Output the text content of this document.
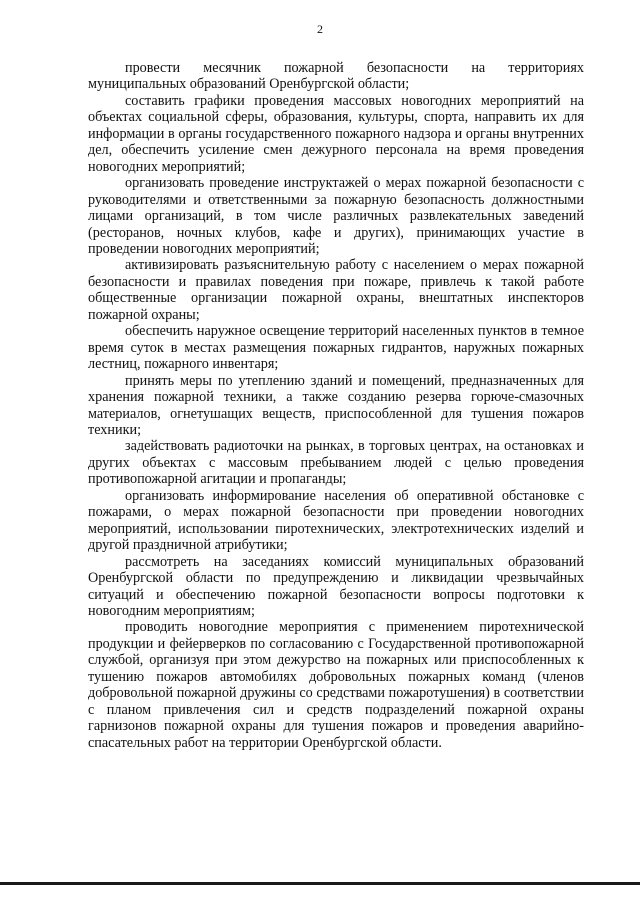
2

провести месячник пожарной безопасности на территориях муниципальных образований Оренбургской области;

составить графики проведения массовых новогодних мероприятий на объектах социальной сферы, образования, культуры, спорта, направить их для информации в органы государственного пожарного надзора и органы внутренних дел, обеспечить усиление смен дежурного персонала на время проведения новогодних мероприятий;

организовать проведение инструктажей о мерах пожарной безопасности с руководителями и ответственными за пожарную безопасность должностными лицами организаций, в том числе различных развлекательных заведений (ресторанов, ночных клубов, кафе и других), принимающих участие в проведении новогодних мероприятий;

активизировать разъяснительную работу с населением о мерах пожарной безопасности и правилах поведения при пожаре, привлечь к такой работе общественные организации пожарной охраны, внештатных инспекторов пожарной охраны;

обеспечить наружное освещение территорий населенных пунктов в темное время суток в местах размещения пожарных гидрантов, наружных пожарных лестниц, пожарного инвентаря;

принять меры по утеплению зданий и помещений, предназначенных для хранения пожарной техники, а также созданию резерва горюче-смазочных материалов, огнетушащих веществ, приспособленной для тушения пожаров техники;

задействовать радиоточки на рынках, в торговых центрах, на остановках и других объектах с массовым пребыванием людей с целью проведения противопожарной агитации и пропаганды;

организовать информирование населения об оперативной обстановке с пожарами, о мерах пожарной безопасности при проведении новогодних мероприятий, использовании пиротехнических, электротехнических изделий и другой праздничной атрибутики;

рассмотреть на заседаниях комиссий муниципальных образований Оренбургской области по предупреждению и ликвидации чрезвычайных ситуаций и обеспечению пожарной безопасности вопросы подготовки к новогодним мероприятиям;

проводить новогодние мероприятия с применением пиротехнической продукции и фейерверков по согласованию с Государственной противопожарной службой, организуя при этом дежурство на пожарных или приспособленных к тушению пожаров автомобилях добровольных пожарных команд (членов добровольной пожарной дружины со средствами пожаротушения) в соответствии с планом привлечения сил и средств подразделений пожарной охраны гарнизонов пожарной охраны для тушения пожаров и проведения аварийно-спасательных работ на территории Оренбургской области.
